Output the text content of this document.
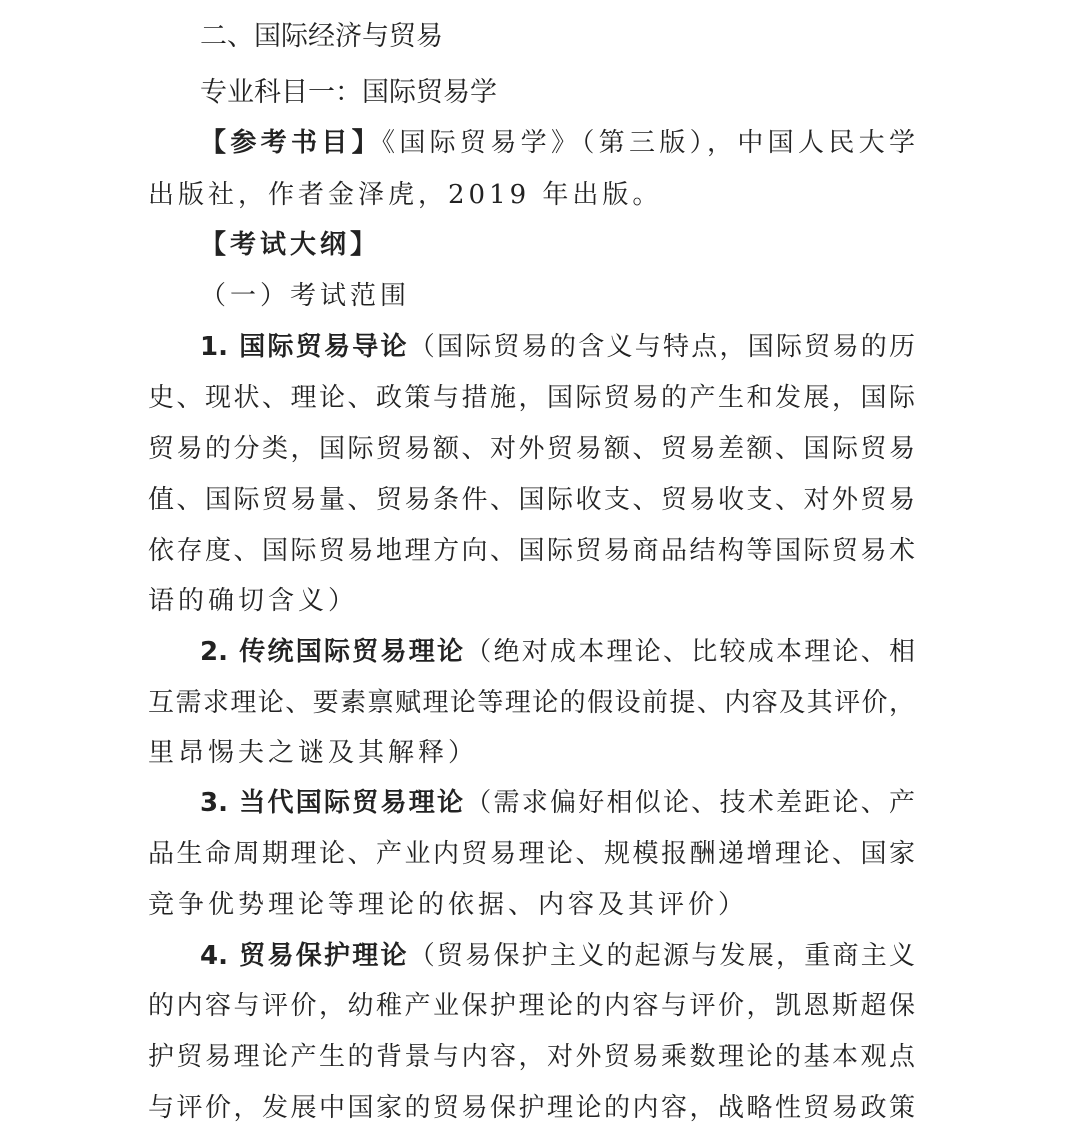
二、国际经济与贸易
专业科目一：国际贸易学
【参考书目】《国际贸易学》（第三版），中国人民大学
出版社，作者金泽虎，2019 年出版。
【考试大纲】
（一）考试范围
1. 国际贸易导论（国际贸易的含义与特点，国际贸易的历
史、现状、理论、政策与措施，国际贸易的产生和发展，国际
贸易的分类，国际贸易额、对外贸易额、贸易差额、国际贸易
值、国际贸易量、贸易条件、国际收支、贸易收支、对外贸易
依存度、国际贸易地理方向、国际贸易商品结构等国际贸易术
语的确切含义）
2. 传统国际贸易理论（绝对成本理论、比较成本理论、相
互需求理论、要素禀赋理论等理论的假设前提、内容及其评价，
里昂惕夫之谜及其解释）
3. 当代国际贸易理论（需求偏好相似论、技术差距论、产
品生命周期理论、产业内贸易理论、规模报酬递增理论、国家
竞争优势理论等理论的依据、内容及其评价）
4. 贸易保护理论（贸易保护主义的起源与发展，重商主义
的内容与评价，幼稚产业保护理论的内容与评价，凯恩斯超保
护贸易理论产生的背景与内容，对外贸易乘数理论的基本观点
与评价，发展中国家的贸易保护理论的内容，战略性贸易政策
